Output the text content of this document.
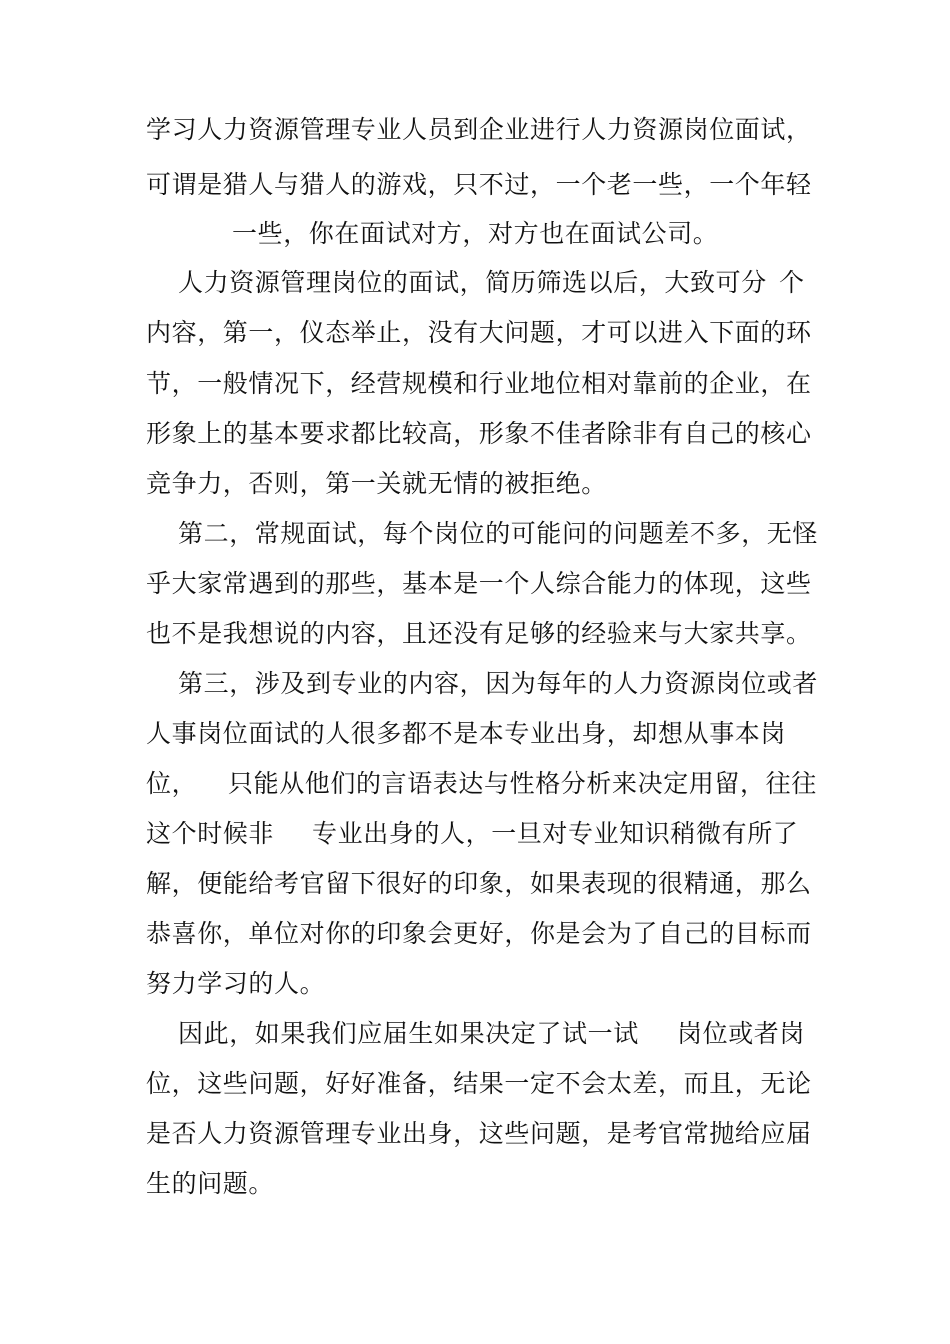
学习人力资源管理专业人员到企业进行人力资源岗位面试，
可谓是猎人与猎人的游戏，只不过，一个老一些，一个年轻
一些，你在面试对方，对方也在面试公司。
人力资源管理岗位的面试，简历筛选以后，大致可分 个
内容，第一，仪态举止，没有大问题，才可以进入下面的环
节，一般情况下，经营规模和行业地位相对靠前的企业，在
形象上的基本要求都比较高，形象不佳者除非有自己的核心
竞争力，否则，第一关就无情的被拒绝。
第二，常规面试，每个岗位的可能问的问题差不多，无怪
乎大家常遇到的那些，基本是一个人综合能力的体现，这些
也不是我想说的内容，且还没有足够的经验来与大家共享。
第三，涉及到专业的内容，因为每年的人力资源岗位或者
人事岗位面试的人很多都不是本专业出身，却想从事本岗
位， 只能从他们的言语表达与性格分析来决定用留，往往
这个时候非 专业出身的人，一旦对专业知识稍微有所了
解，便能给考官留下很好的印象，如果表现的很精通，那么
恭喜你，单位对你的印象会更好，你是会为了自己的目标而
努力学习的人。
因此，如果我们应届生如果决定了试一试 岗位或者岗
位，这些问题，好好准备，结果一定不会太差，而且，无论
是否人力资源管理专业出身，这些问题，是考官常抛给应届
生的问题。
